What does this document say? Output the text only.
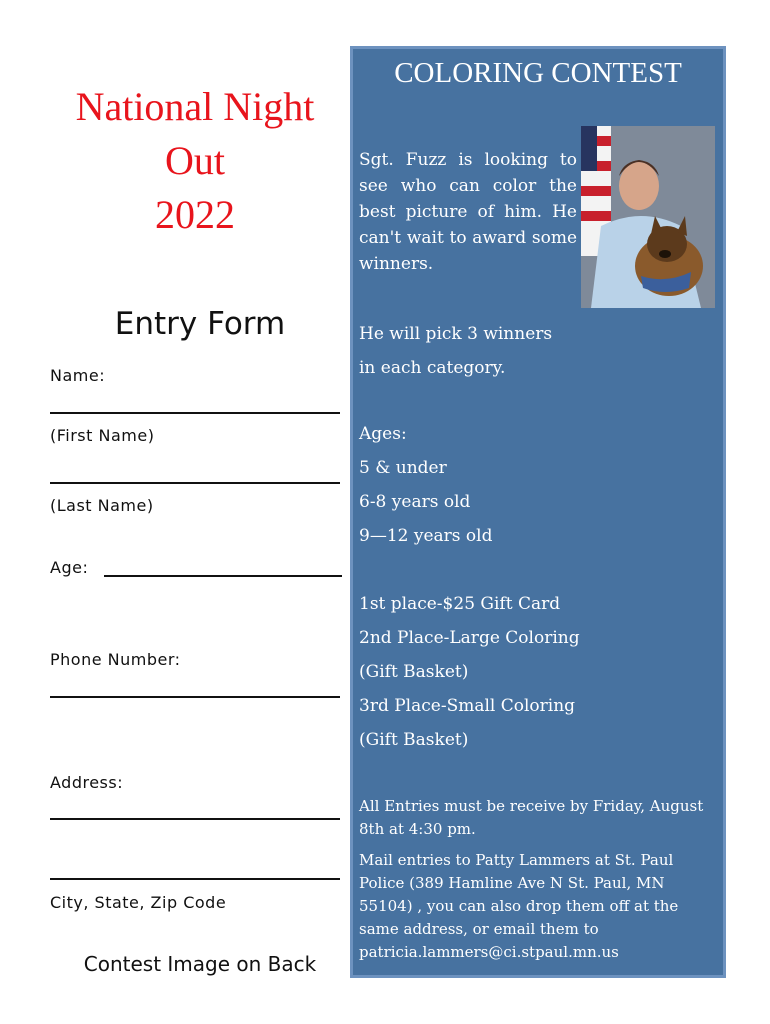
National Night
Out
2022
Entry Form
Name:
(First Name)
(Last Name)
Age:
Phone Number:
Address:
City, State, Zip Code
Contest Image on Back
COLORING CONTEST
Sgt. Fuzz is looking to see who can color the best picture of him. He can't wait to award some winners.
He will pick 3 winners
in each category.
Ages:
5 & under
6-8 years old
9—12 years old
1st place-$25 Gift Card
2nd Place-Large Coloring
(Gift Basket)
3rd Place-Small Coloring
(Gift Basket)
All Entries must be receive by Friday, August 8th at 4:30 pm.
Mail entries to Patty Lammers at St. Paul Police (389 Hamline Ave N St. Paul, MN 55104) , you can also drop them off at the same address, or email them to patricia.lammers@ci.stpaul.mn.us
